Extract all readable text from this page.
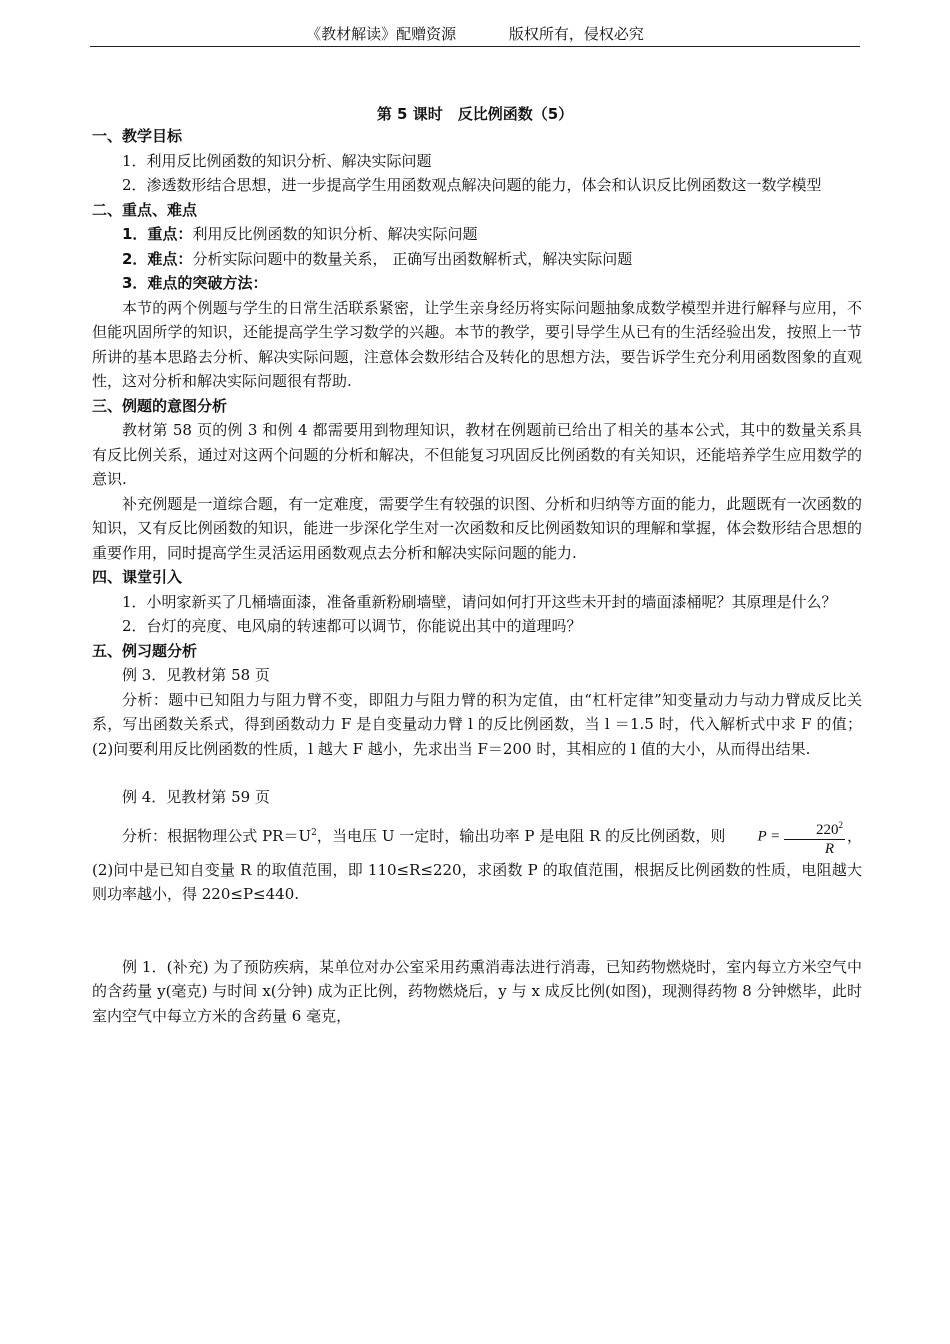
《教材解读》配赠资源	版权所有，侵权必究
第 5 课时　反比例函数（5）

一、教学目标

1．利用反比例函数的知识分析、解决实际问题

2．渗透数形结合思想，进一步提高学生用函数观点解决问题的能力，体会和认识反比例函数这一数学模型

二、重点、难点

1．重点：利用反比例函数的知识分析、解决实际问题

2．难点：分析实际问题中的数量关系， 正确写出函数解析式，解决实际问题

3．难点的突破方法：

本节的两个例题与学生的日常生活联系紧密，让学生亲身经历将实际问题抽象成数学模型并进行解释与应用，不但能巩固所学的知识，还能提高学生学习数学的兴趣。本节的教学，要引导学生从已有的生活经验出发，按照上一节所讲的基本思路去分析、解决实际问题，注意体会数形结合及转化的思想方法，要告诉学生充分利用函数图象的直观性，这对分析和解决实际问题很有帮助.

三、例题的意图分析

教材第 58 页的例 3 和例 4 都需要用到物理知识，教材在例题前已给出了相关的基本公式，其中的数量关系具有反比例关系，通过对这两个问题的分析和解决，不但能复习巩固反比例函数的有关知识，还能培养学生应用数学的意识.

补充例题是一道综合题，有一定难度，需要学生有较强的识图、分析和归纳等方面的能力，此题既有一次函数的知识，又有反比例函数的知识，能进一步深化学生对一次函数和反比例函数知识的理解和掌握，体会数形结合思想的重要作用，同时提高学生灵活运用函数观点去分析和解决实际问题的能力.

四、课堂引入

1．小明家新买了几桶墙面漆，准备重新粉刷墙壁，请问如何打开这些未开封的墙面漆桶呢？其原理是什么？

2．台灯的亮度、电风扇的转速都可以调节，你能说出其中的道理吗？

五、例习题分析

例 3．见教材第 58 页

分析：题中已知阻力与阻力臂不变，即阻力与阻力臂的积为定值，由“杠杆定律”知变量动力与动力臂成反比关系，写出函数关系式，得到函数动力 F 是自变量动力臂 l 的反比例函数，当 l ＝1.5 时，代入解析式中求 F 的值；(2)问要利用反比例函数的性质，l 越大 F 越小，先求出当 F＝200 时，其相应的 l 值的大小，从而得出结果.

例 4．见教材第 59 页

分析：根据物理公式 $PR=U^2$，当电压 U 一定时，输出功率 P 是电阻 R 的反比例函数，则 $P = \frac{220^2}{R}$ ，(2)问中是已知自变量 R 的取值范围，即 110≤R≤220，求函数 P 的取值范围，根据反比例函数的性质，电阻越大则功率越小，得 220≤P≤440.

例 1．(补充) 为了预防疾病，某单位对办公室采用药熏消毒法进行消毒，已知药物燃烧时，室内每立方米空气中的含药量 y(毫克) 与时间 x(分钟) 成为正比例，药物燃烧后，y 与 x 成反比例(如图)，现测得药物 8 分钟燃毕，此时室内空气中每立方米的含药量 6 毫克，
